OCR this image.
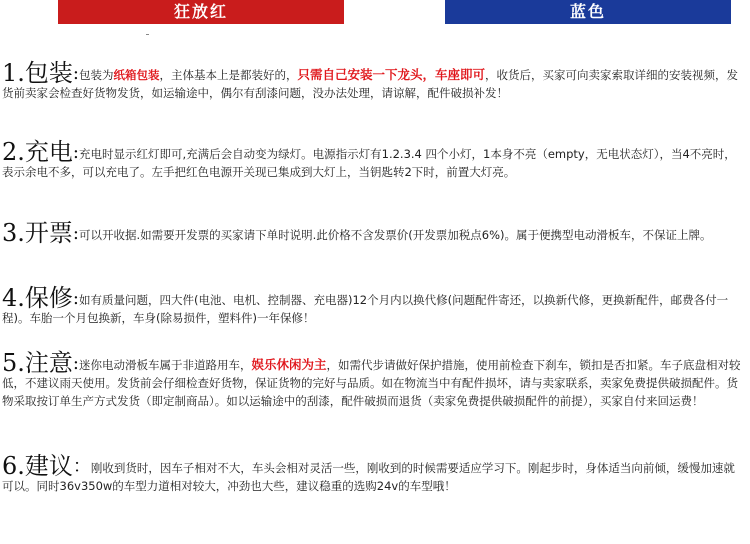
狂放红	蓝色

1.包装:包装为纸箱包装，主体基本上是都装好的，只需自己安装一下龙头，车座即可，收货后，买家可向卖家索取详细的安装视频，发货前卖家会检查好货物发货，如运输途中，偶尔有刮漆问题，没办法处理，请谅解，配件破损补发！

2.充电:充电时显示红灯即可,充满后会自动变为绿灯。电源指示灯有1.2.3.4 四个小灯，1本身不亮（empty，无电状态灯），当4不亮时，表示余电不多，可以充电了。左手把红色电源开关现已集成到大灯上，当钥匙转2下时，前置大灯亮。

3.开票:可以开收据.如需要开发票的买家请下单时说明.此价格不含发票价(开发票加税点6%)。属于便携型电动滑板车，不保证上牌。

4.保修:如有质量问题，四大件(电池、电机、控制器、充电器)12个月内以换代修(问题配件寄还，以换新代修，更换新配件，邮费各付一程)。车胎一个月包换新，车身(除易损件，塑料件)一年保修！

5.注意:迷你电动滑板车属于非道路用车，娱乐休闲为主，如需代步请做好保护措施，使用前检查下刹车，锁扣是否扣紧。车子底盘相对较低，不建议雨天使用。发货前会仔细检查好货物，保证货物的完好与品质。如在物流当中有配件损坏，请与卖家联系，卖家免费提供破损配件。货物采取按订单生产方式发货（即定制商品）。如以运输途中的刮漆，配件破损而退货（卖家免费提供破损配件的前提），买家自付来回运费！

6.建议：刚收到货时，因车子相对不大，车头会相对灵活一些，刚收到的时候需要适应学习下。刚起步时，身体适当向前倾，缓慢加速就可以。同时36v350w的车型力道相对较大，冲劲也大些，建议稳重的选购24v的车型哦！
